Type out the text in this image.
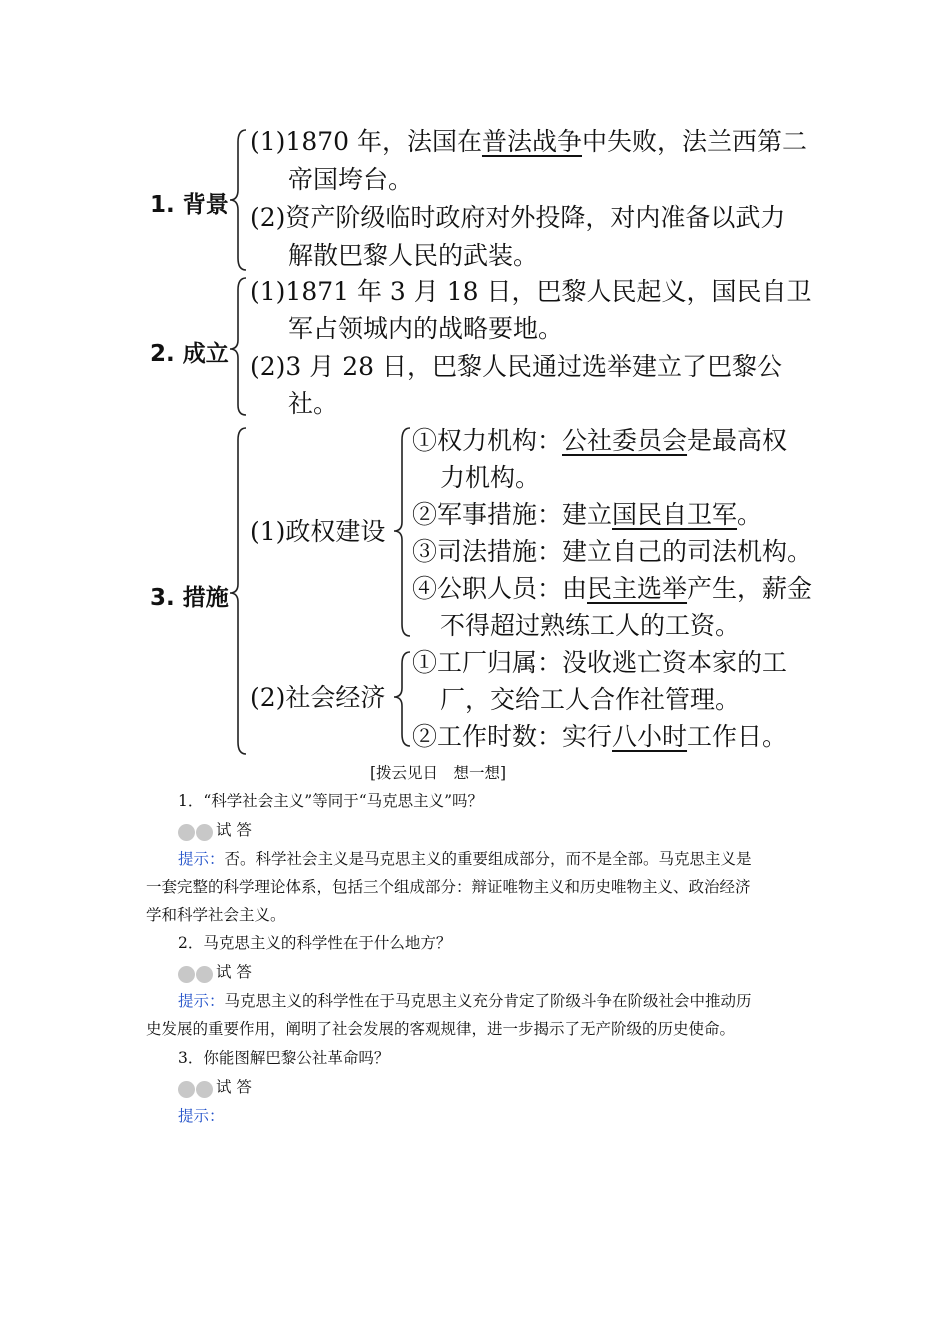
1. 背景
(1)1870 年，法国在普法战争中失败，法兰西第二
帝国垮台。
(2)资产阶级临时政府对外投降，对内准备以武力
解散巴黎人民的武装。
2. 成立
(1)1871 年 3 月 18 日，巴黎人民起义，国民自卫
军占领城内的战略要地。
(2)3 月 28 日，巴黎人民通过选举建立了巴黎公
社。
3. 措施
(1)政权建设
(2)社会经济
①权力机构：公社委员会是最高权
力机构。
②军事措施：建立国民自卫军。
③司法措施：建立自己的司法机构。
④公职人员：由民主选举产生，薪金
不得超过熟练工人的工资。
①工厂归属：没收逃亡资本家的工
厂，交给工人合作社管理。
②工作时数：实行八小时工作日。
[拨云见日　想一想]
1．“科学社会主义”等同于“马克思主义”吗？
试 答
提示：否。科学社会主义是马克思主义的重要组成部分，而不是全部。马克思主义是
一套完整的科学理论体系，包括三个组成部分：辩证唯物主义和历史唯物主义、政治经济
学和科学社会主义。
2．马克思主义的科学性在于什么地方？
试 答
提示：马克思主义的科学性在于马克思主义充分肯定了阶级斗争在阶级社会中推动历
史发展的重要作用，阐明了社会发展的客观规律，进一步揭示了无产阶级的历史使命。
3．你能图解巴黎公社革命吗？
试 答
提示：
